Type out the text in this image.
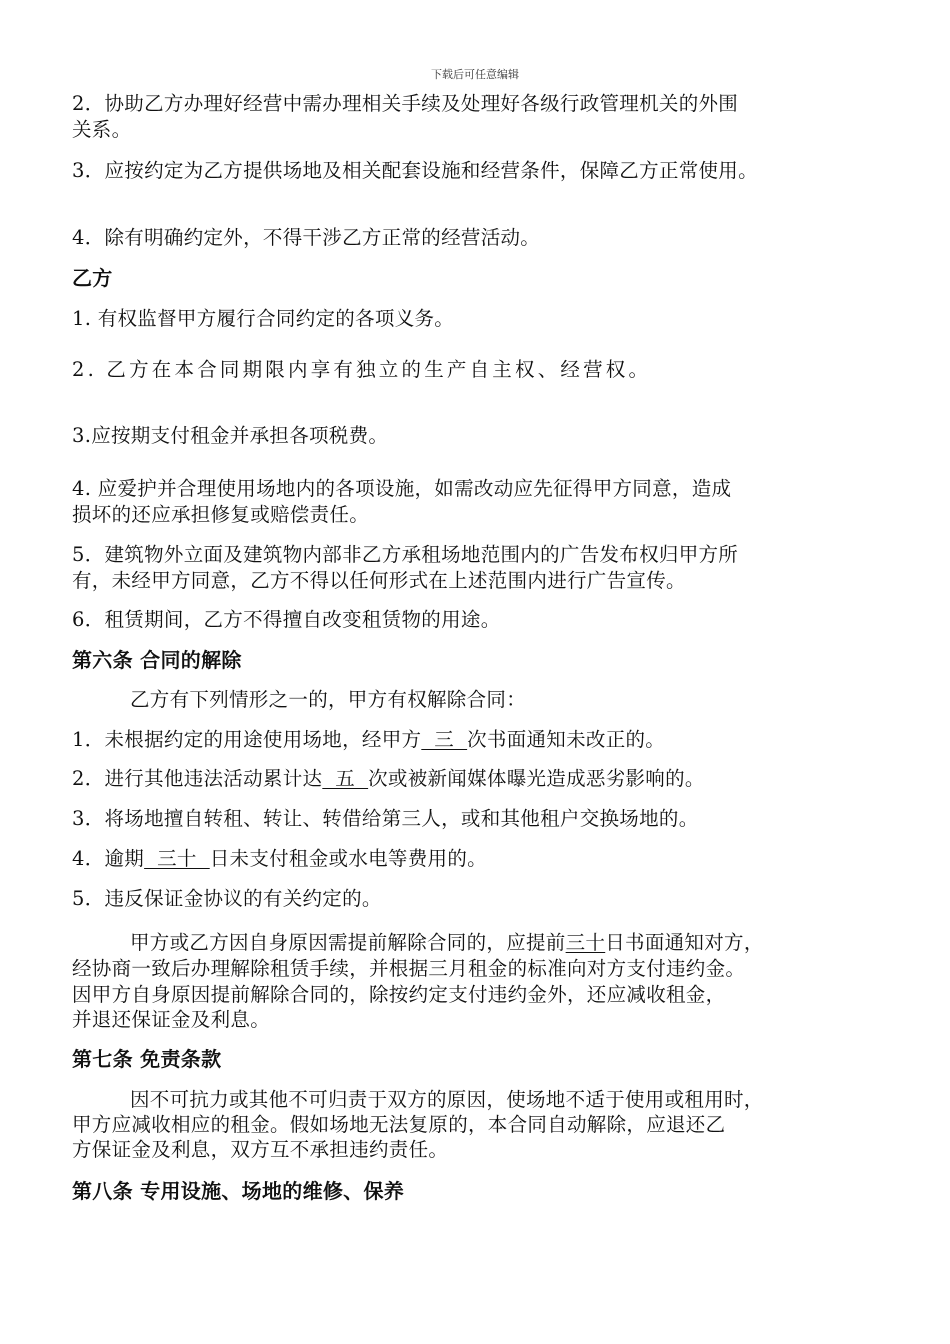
下载后可任意编辑

2．协助乙方办理好经营中需办理相关手续及处理好各级行政管理机关的外围

关系。

3．应按约定为乙方提供场地及相关配套设施和经营条件，保障乙方正常使用。

4．除有明确约定外，不得干涉乙方正常的经营活动。

乙方

1. 有权监督甲方履行合同约定的各项义务。

2. 乙方在本合同期限内享有独立的生产自主权、经营权。

3.应按期支付租金并承担各项税费。

4. 应爱护并合理使用场地内的各项设施，如需改动应先征得甲方同意，造成

损坏的还应承担修复或赔偿责任。

5．建筑物外立面及建筑物内部非乙方承租场地范围内的广告发布权归甲方所

有，未经甲方同意，乙方不得以任何形式在上述范围内进行广告宣传。

6．租赁期间，乙方不得擅自改变租赁物的用途。

第六条 合同的解除

乙方有下列情形之一的，甲方有权解除合同：

1．未根据约定的用途使用场地，经甲方  三  次书面通知未改正的。

2．进行其他违法活动累计达  五  次或被新闻媒体曝光造成恶劣影响的。

3．将场地擅自转租、转让、转借给第三人，或和其他租户交换场地的。

4．逾期  三十  日未支付租金或水电等费用的。

5．违反保证金协议的有关约定的。

甲方或乙方因自身原因需提前解除合同的，应提前三十日书面通知对方，

经协商一致后办理解除租赁手续，并根据三月租金的标准向对方支付违约金。

因甲方自身原因提前解除合同的，除按约定支付违约金外，还应减收租金，

并退还保证金及利息。

第七条 免责条款

因不可抗力或其他不可归责于双方的原因，使场地不适于使用或租用时，

甲方应减收相应的租金。假如场地无法复原的，本合同自动解除，应退还乙

方保证金及利息，双方互不承担违约责任。

第八条 专用设施、场地的维修、保养
